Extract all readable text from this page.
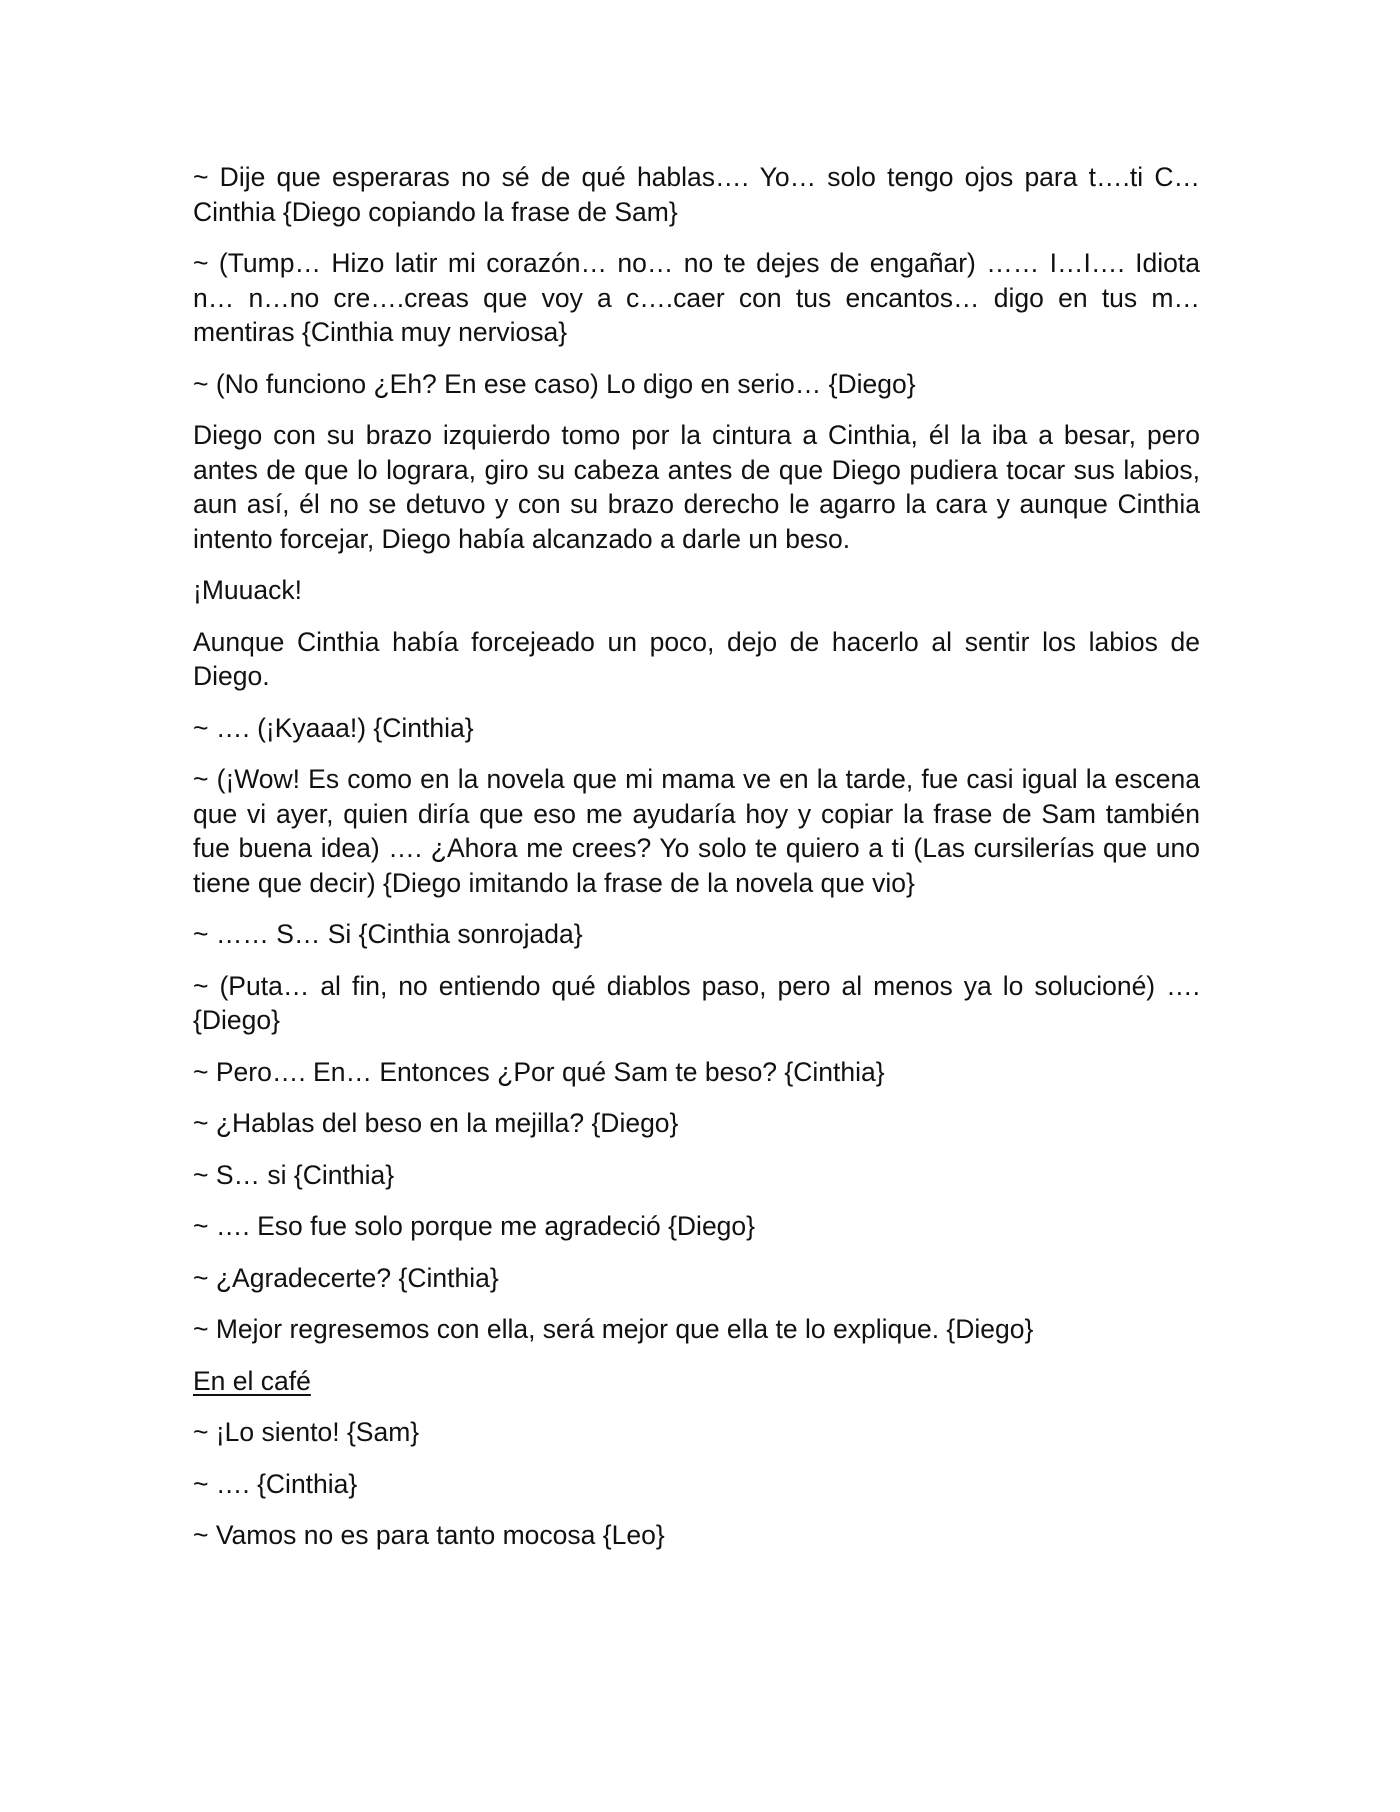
~ Dije que esperaras no sé de qué hablas…. Yo… solo tengo ojos para t….ti C… Cinthia {Diego copiando la frase de Sam}

~ (Tump… Hizo latir mi corazón… no… no te dejes de engañar) …… I…I…. Idiota n… n…no cre….creas que voy a c….caer con tus encantos… digo en tus m… mentiras {Cinthia muy nerviosa}

~ (No funciono ¿Eh? En ese caso) Lo digo en serio… {Diego}

Diego con su brazo izquierdo tomo por la cintura a Cinthia, él la iba a besar, pero antes de que lo lograra, giro su cabeza antes de que Diego pudiera tocar sus labios, aun así, él no se detuvo y con su brazo derecho le agarro la cara y aunque Cinthia intento forcejar, Diego había alcanzado a darle un beso.

¡Muuack!

Aunque Cinthia había forcejeado un poco, dejo de hacerlo al sentir los labios de Diego.

~ …. (¡Kyaaa!) {Cinthia}

~ (¡Wow! Es como en la novela que mi mama ve en la tarde, fue casi igual la escena que vi ayer, quien diría que eso me ayudaría hoy y copiar la frase de Sam también fue buena idea) …. ¿Ahora me crees? Yo solo te quiero a ti (Las cursilerías que uno tiene que decir) {Diego imitando la frase de la novela que vio}

~ …… S… Si {Cinthia sonrojada}

~ (Puta… al fin, no entiendo qué diablos paso, pero al menos ya lo solucioné) …. {Diego}

~ Pero…. En… Entonces ¿Por qué Sam te beso? {Cinthia}

~ ¿Hablas del beso en la mejilla? {Diego}

~ S… si {Cinthia}

~ …. Eso fue solo porque me agradeció {Diego}

~ ¿Agradecerte? {Cinthia}

~ Mejor regresemos con ella, será mejor que ella te lo explique. {Diego}

En el café

~ ¡Lo siento! {Sam}

~ …. {Cinthia}

~ Vamos no es para tanto mocosa {Leo}
